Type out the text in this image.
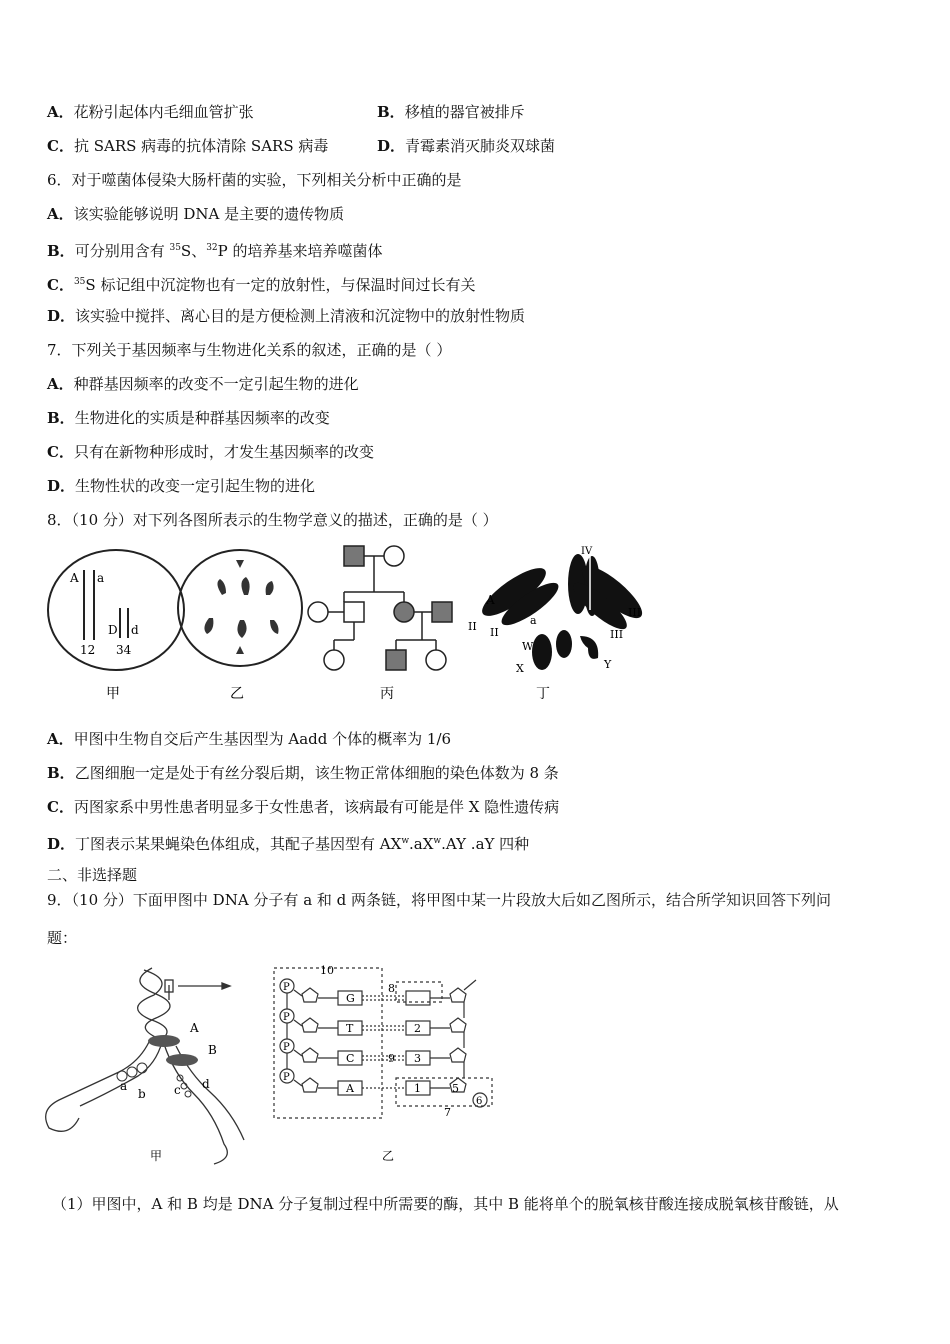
A．花粉引起体内毛细血管扩张	B．移植的器官被排斥
C．抗 SARS 病毒的抗体清除 SARS 病毒	D．青霉素消灭肺炎双球菌
6．对于噬菌体侵染大肠杆菌的实验，下列相关分析中正确的是
A．该实验能够说明 DNA 是主要的遗传物质
B．可分别用含有 $^{35}$S、$^{32}$P 的培养基来培养噬菌体
C．$^{35}$S 标记组中沉淀物也有一定的放射性，与保温时间过长有关
D．该实验中搅拌、离心目的是方便检测上清液和沉淀物中的放射性物质
7．下列关于基因频率与生物进化关系的叙述，正确的是（ ）
A．种群基因频率的改变不一定引起生物的进化
B．生物进化的实质是种群基因频率的改变
C．只有在新物种形成时，才发生基因频率的改变
D．生物性状的改变一定引起生物的进化
8．（10 分）对下列各图所表示的生物学意义的描述，正确的是（ ）
A a
D d
12 34
甲	乙	丙
IV
II II
III
III
A
a
W
X	Y
丁
A．甲图中生物自交后产生基因型为 Aadd 个体的概率为 1/6
B．乙图细胞一定是处于有丝分裂后期，该生物正常体细胞的染色体数为 8 条
C．丙图家系中男性患者明显多于女性患者，该病最有可能是伴 X 隐性遗传病
D．丁图表示某果蝇染色体组成，其配子基因型有 $AX^w.aX^w.AY$ .aY 四种
二、非选择题
9．（10 分）下面甲图中 DNA 分子有 a 和 d 两条链，将甲图中某一片段放大后如乙图所示，结合所学知识回答下列问
题：
A
B
a
b c d
甲
P
P
P
P
G
T
C
A
2
3
1
10
8
9
7
5
6
乙
（1）甲图中，A 和 B 均是 DNA 分子复制过程中所需要的酶，其中 B 能将单个的脱氧核苷酸连接成脱氧核苷酸链，从
